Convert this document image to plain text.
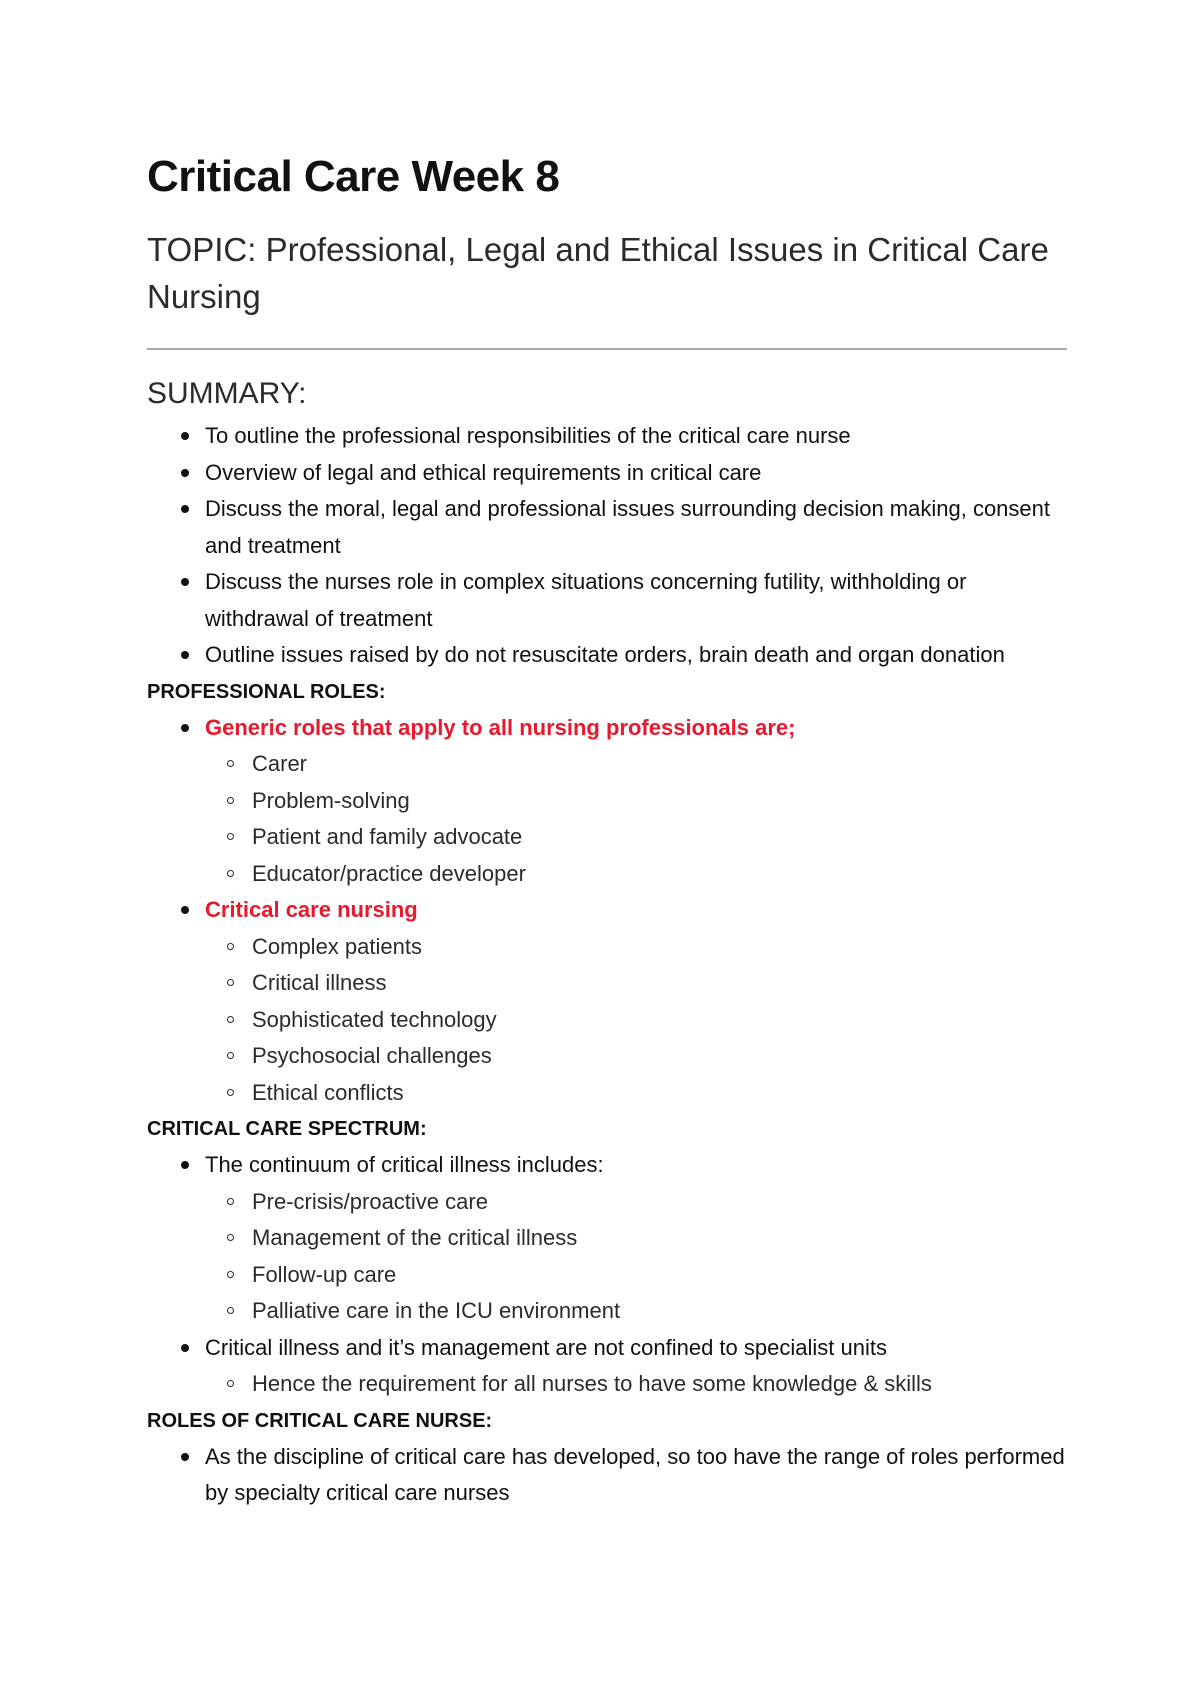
Critical Care Week 8
TOPIC: Professional, Legal and Ethical Issues in Critical Care Nursing
SUMMARY:
To outline the professional responsibilities of the critical care nurse
Overview of legal and ethical requirements in critical care
Discuss the moral, legal and professional issues surrounding decision making, consent and treatment
Discuss the nurses role in complex situations concerning futility, withholding or withdrawal of treatment
Outline issues raised by do not resuscitate orders, brain death and organ donation
PROFESSIONAL ROLES:
Generic roles that apply to all nursing professionals are;
Carer
Problem-solving
Patient and family advocate
Educator/practice developer
Critical care nursing
Complex patients
Critical illness
Sophisticated technology
Psychosocial challenges
Ethical conflicts
CRITICAL CARE SPECTRUM:
The continuum of critical illness includes:
Pre-crisis/proactive care
Management of the critical illness
Follow-up care
Palliative care in the ICU environment
Critical illness and it’s management are not confined to specialist units
Hence the requirement for all nurses to have some knowledge & skills
ROLES OF CRITICAL CARE NURSE:
As the discipline of critical care has developed, so too have the range of roles performed by specialty critical care nurses
